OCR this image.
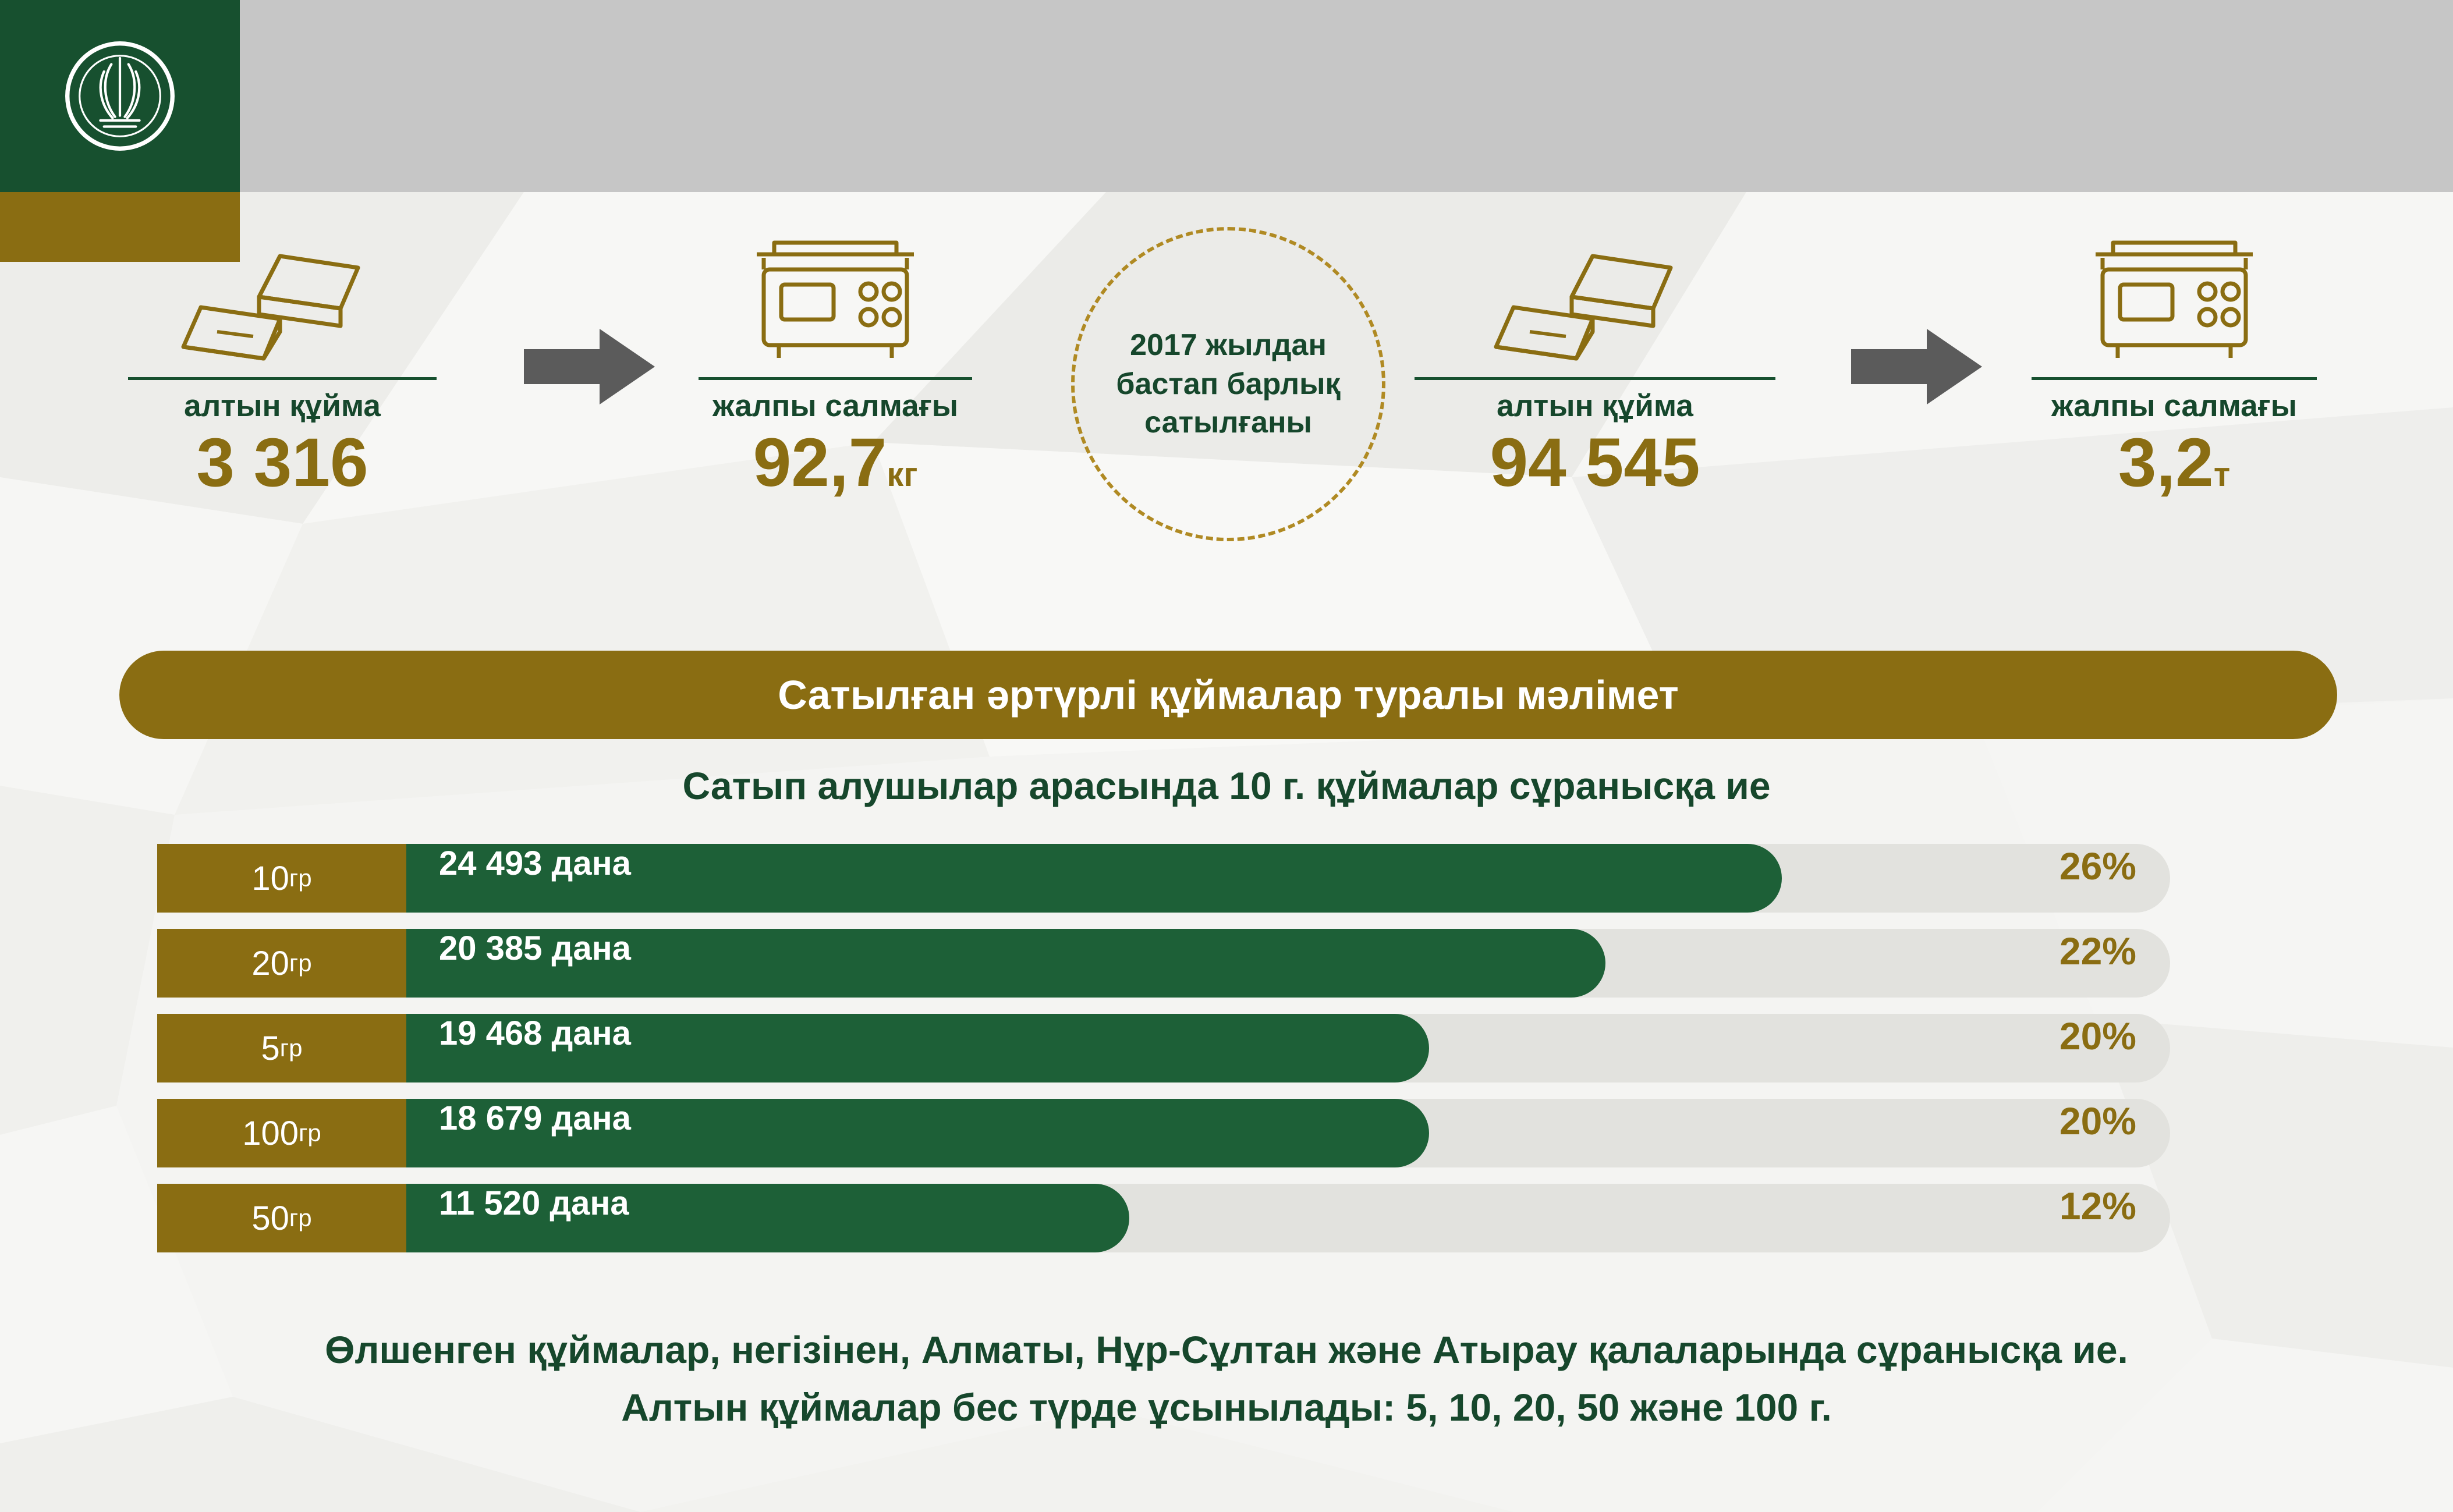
алтын құйма
3 316
жалпы салмағы
92,7кг
2017 жылдан бастап барлық сатылғаны	алтын құйма
94 545
жалпы салмағы
3,2т
Сатылған әртүрлі құймалар туралы мәлімет
Сатып алушылар арасында 10 г. құймалар сұранысқа ие
10 гр	24 493 дана	26%
20 гр	20 385 дана	22%
5 гр	19 468 дана	20%
100 гр	18 679 дана	20%
50 гр	11 520 дана	12%
Өлшенген құймалар, негізінен, Алматы, Нұр-Сұлтан және Атырау қалаларында сұранысқа ие.
Алтын құймалар бес түрде ұсынылады: 5, 10, 20, 50 және 100 г.
